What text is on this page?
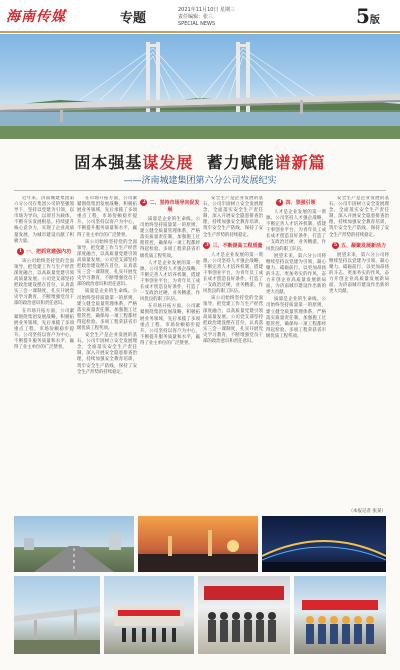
海南传媒	专题
2021年11月10日 星期三
责任编辑：张三
SPECIAL NEWS	5版
固本强基谋发展  蓄力赋能谱新篇
——济南城建集团第六分公司发展纪实

近年来，济南城建集团第六分公司在集团公司的坚强领导下，坚持以党建为引领，以市场为导向，以项目为载体，不断夯实发展根基，持续提升核心竞争力，实现了企业高质量发展，为城市建设贡献了积极力量。

1 一、把抓党建强内功

该公司始终坚持党的全面领导，把党建工作与生产经营深度融合，以高质量党建引领高质量发展。公司党支部坚持把政治建设摆在首位，认真落实三会一课制度，扎实开展党史学习教育，不断增强党员干部的政治意识和责任意识。

在市场开拓方面，公司紧紧围绕集团发展战略，积极拓展业务领域，先后承揽了多项重点工程，市场份额稳步提升。公司坚持以客户为中心，不断提升服务质量和水平，赢得了业主单位的广泛赞誉。

在市场开拓方面，公司紧紧围绕集团发展战略，积极拓展业务领域，先后承揽了多项重点工程，市场份额稳步提升。公司坚持以客户为中心，不断提升服务质量和水平，赢得了业主单位的广泛赞誉。

该公司始终坚持党的全面领导，把党建工作与生产经营深度融合，以高质量党建引领高质量发展。公司党支部坚持把政治建设摆在首位，认真落实三会一课制度，扎实开展党史学习教育，不断增强党员干部的政治意识和责任意识。

质量是企业的生命线。公司始终坚持质量第一的原则，建立健全质量管理体系，严格落实质量责任制，加强施工过程管控，确保每一项工程都经得起检验。多项工程荣获省市级优质工程奖项。

安全生产是企业发展的基石。公司牢固树立安全发展理念，全面落实安全生产责任制，深入开展安全隐患排查治理，持续加强安全教育培训，筑牢安全生产防线，保持了安全生产形势的持续稳定。

2 二、坚持市场导向促发展

质量是企业的生命线。公司始终坚持质量第一的原则，建立健全质量管理体系，严格落实质量责任制，加强施工过程管控，确保每一项工程都经得起检验。多项工程荣获省市级优质工程奖项。

人才是企业发展的第一资源。公司坚持人才强企战略，不断完善人才培养机制，搭建干事创业平台，为青年员工成长成才创造良好条件，打造了一支政治过硬、业务精湛、作风优良的职工队伍。

在市场开拓方面，公司紧紧围绕集团发展战略，积极拓展业务领域，先后承揽了多项重点工程，市场份额稳步提升。公司坚持以客户为中心，不断提升服务质量和水平，赢得了业主单位的广泛赞誉。

安全生产是企业发展的基石。公司牢固树立安全发展理念，全面落实安全生产责任制，深入开展安全隐患排查治理，持续加强安全教育培训，筑牢安全生产防线，保持了安全生产形势的持续稳定。

3 三、不断提高工程质量

人才是企业发展的第一资源。公司坚持人才强企战略，不断完善人才培养机制，搭建干事创业平台，为青年员工成长成才创造良好条件，打造了一支政治过硬、业务精湛、作风优良的职工队伍。

该公司始终坚持党的全面领导，把党建工作与生产经营深度融合，以高质量党建引领高质量发展。公司党支部坚持把政治建设摆在首位，认真落实三会一课制度，扎实开展党史学习教育，不断增强党员干部的政治意识和责任意识。

4 四、坚强引领

人才是企业发展的第一资源。公司坚持人才强企战略，不断完善人才培养机制，搭建干事创业平台，为青年员工成长成才创造良好条件，打造了一支政治过硬、业务精湛、作风优良的职工队伍。

展望未来，第六分公司将继续坚持以党建为引领，凝心聚力、砥砺前行，以更加昂扬的斗志、更加务实的作风，奋力开创企业高质量发展新局面，为济南城市建设作出新的更大贡献。

质量是企业的生命线。公司始终坚持质量第一的原则，建立健全质量管理体系，严格落实质量责任制，加强施工过程管控，确保每一项工程都经得起检验。多项工程荣获省市级优质工程奖项。

安全生产是企业发展的基石。公司牢固树立安全发展理念，全面落实安全生产责任制，深入开展安全隐患排查治理，持续加强安全教育培训，筑牢安全生产防线，保持了安全生产形势的持续稳定。

5 五、凝聚发展新活力

展望未来，第六分公司将继续坚持以党建为引领，凝心聚力、砥砺前行，以更加昂扬的斗志、更加务实的作风，奋力开创企业高质量发展新局面，为济南城市建设作出新的更大贡献。

（本报记者 张某）
